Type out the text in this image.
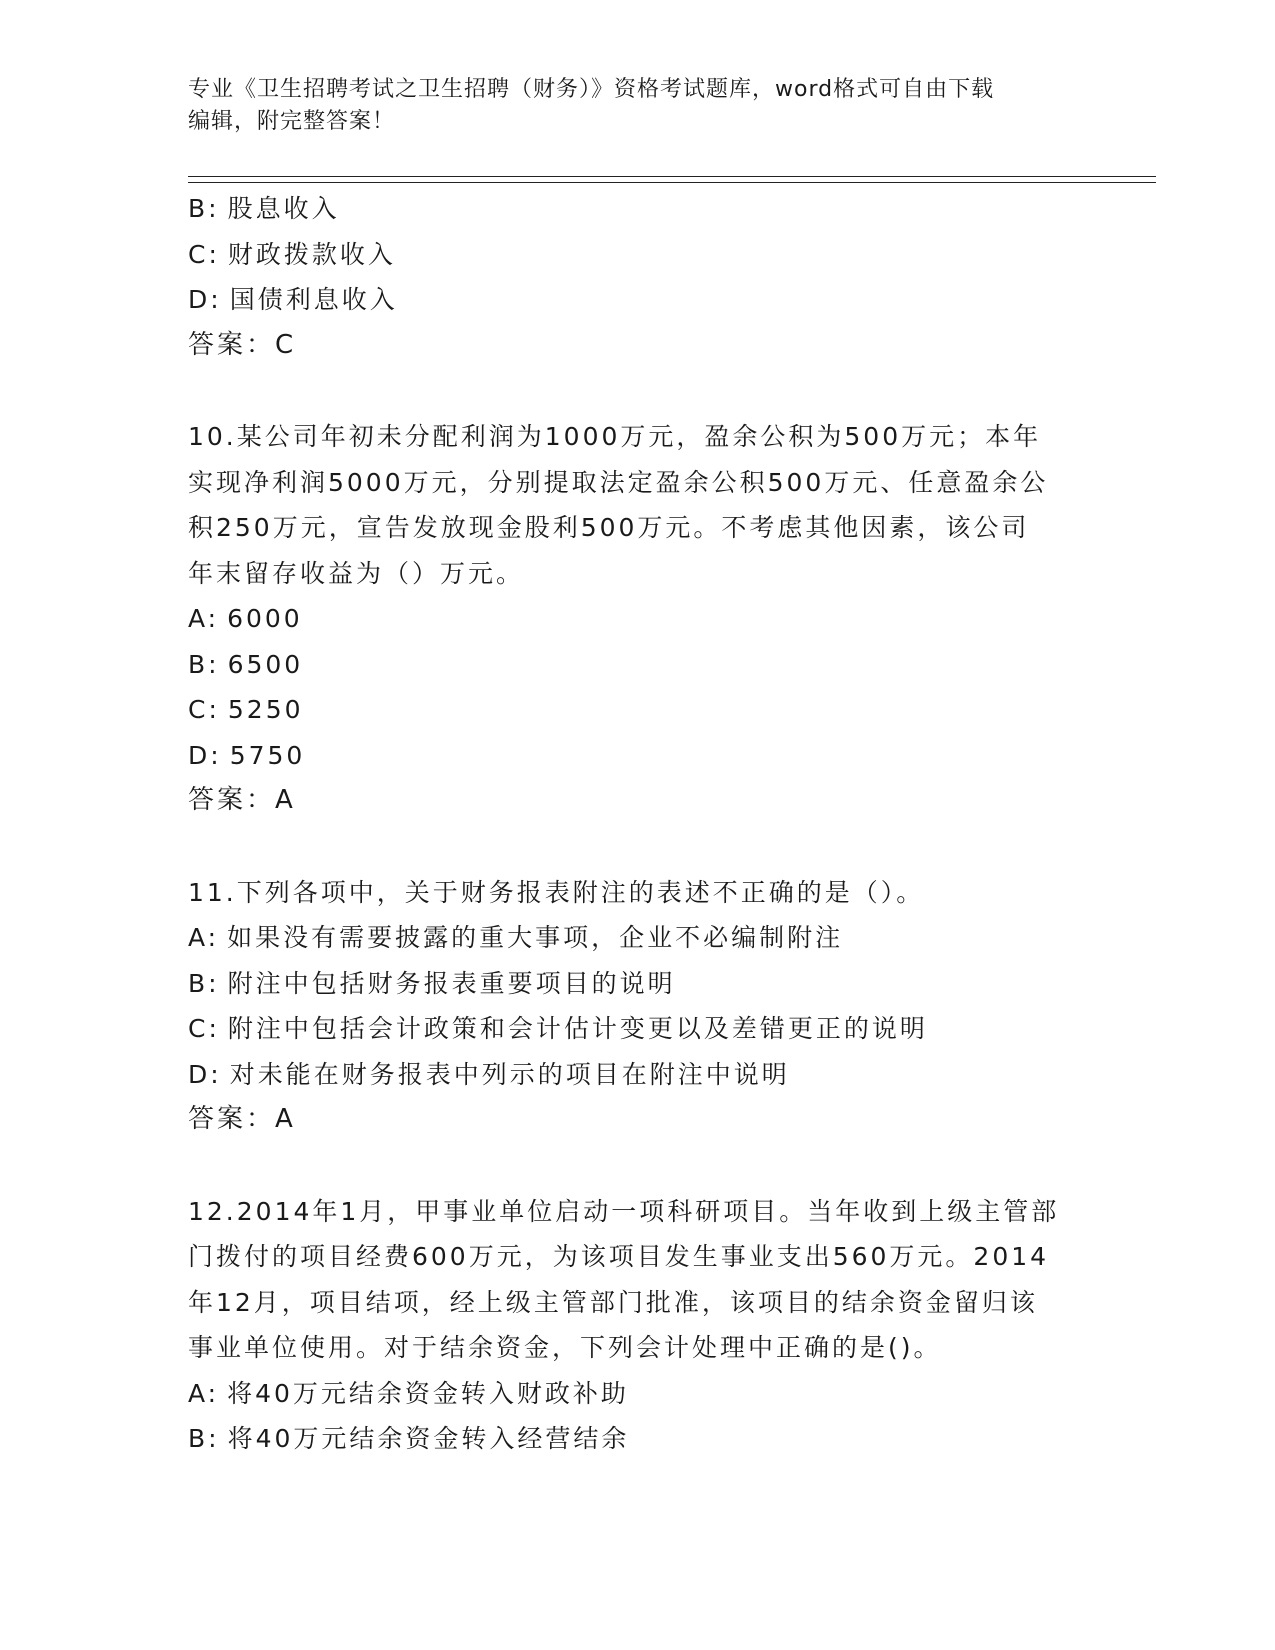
专业《卫生招聘考试之卫生招聘（财务）》资格考试题库，word格式可自由下载
编辑，附完整答案！
B: 股息收入
C: 财政拨款收入
D: 国债利息收入
答案：C
10.某公司年初未分配利润为1000万元，盈余公积为500万元；本年
实现净利润5000万元，分别提取法定盈余公积500万元、任意盈余公
积250万元，宣告发放现金股利500万元。不考虑其他因素，该公司
年末留存收益为（）万元。
A: 6000
B: 6500
C: 5250
D: 5750
答案：A
11.下列各项中，关于财务报表附注的表述不正确的是（）。
A: 如果没有需要披露的重大事项，企业不必编制附注
B: 附注中包括财务报表重要项目的说明
C: 附注中包括会计政策和会计估计变更以及差错更正的说明
D: 对未能在财务报表中列示的项目在附注中说明
答案：A
12.2014年1月，甲事业单位启动一项科研项目。当年收到上级主管部
门拨付的项目经费600万元，为该项目发生事业支出560万元。2014
年12月，项目结项，经上级主管部门批准，该项目的结余资金留归该
事业单位使用。对于结余资金，下列会计处理中正确的是()。
A: 将40万元结余资金转入财政补助
B: 将40万元结余资金转入经营结余
